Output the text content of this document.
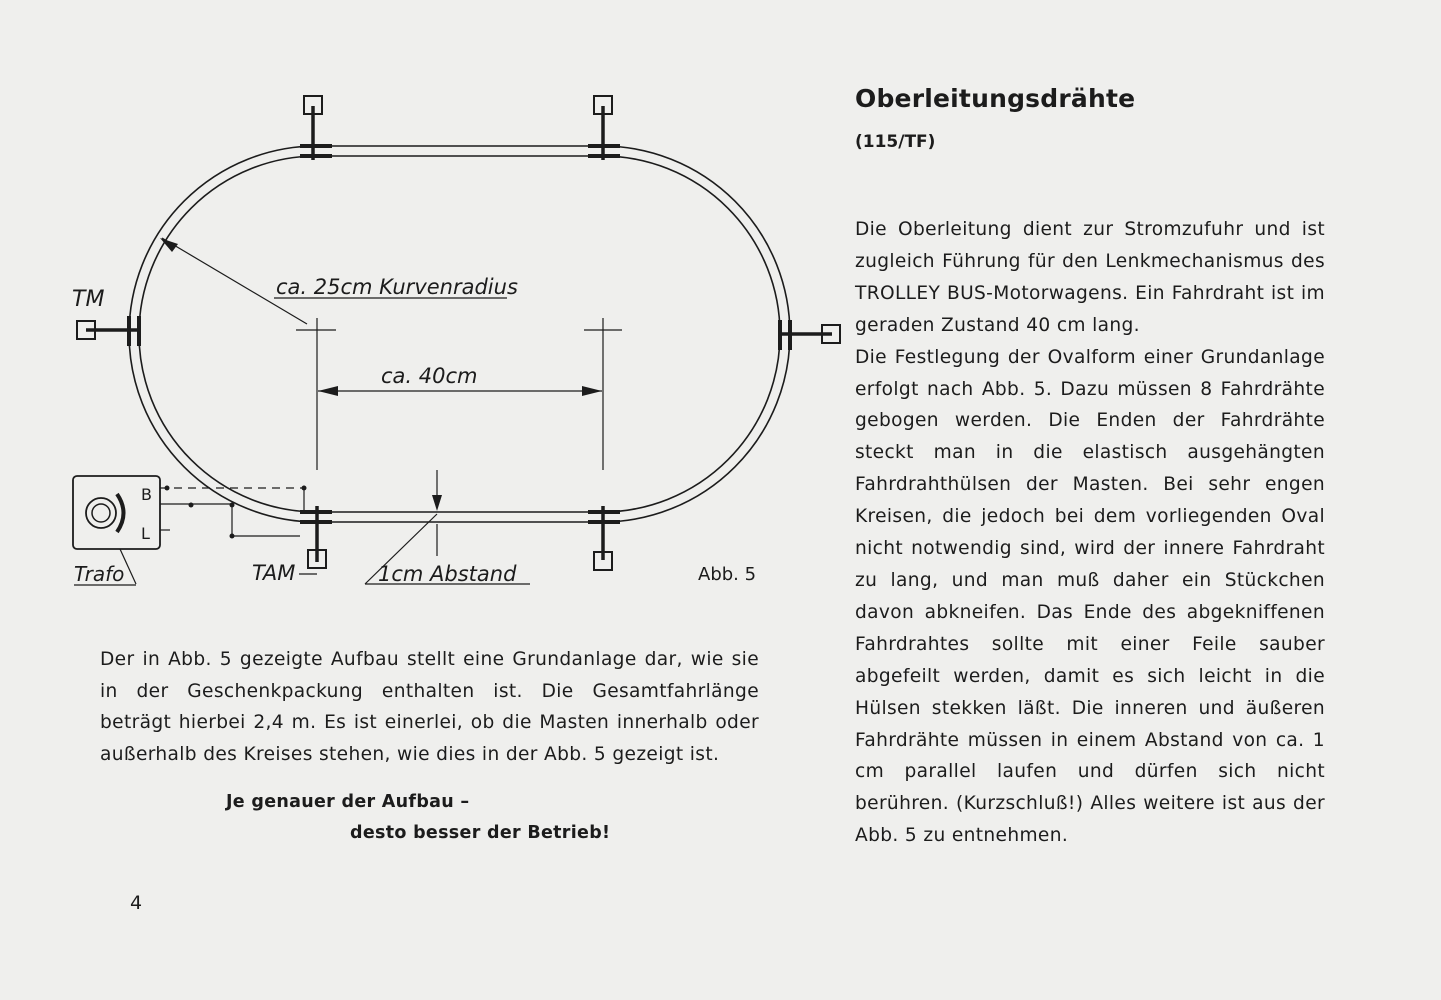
ca. 25cm Kurvenradius
ca. 40cm
1cm Abstand
TM
TAM
Trafo
B
L
Abb. 5
Oberleitungsdrähte
(115/TF)

Die Oberleitung dient zur Stromzufuhr und ist zugleich Führung für den Lenkmechanismus des TROLLEY BUS-Motorwagens. Ein Fahrdraht ist im geraden Zustand 40 cm lang.

Die Festlegung der Ovalform einer Grundanlage erfolgt nach Abb. 5. Dazu müssen 8 Fahrdrähte gebogen werden. Die Enden der Fahrdrähte steckt man in die elastisch ausgehängten Fahrdrahthülsen der Masten. Bei sehr engen Kreisen, die jedoch bei dem vorliegenden Oval nicht notwendig sind, wird der innere Fahrdraht zu lang, und man muß daher ein Stückchen davon abkneifen. Das Ende des abgekniffenen Fahrdrahtes sollte mit einer Feile sauber abgefeilt werden, damit es sich leicht in die Hülsen stekken läßt. Die inneren und äußeren Fahrdrähte müssen in einem Abstand von ca. 1 cm parallel laufen und dürfen sich nicht berühren. (Kurzschluß!) Alles weitere ist aus der Abb. 5 zu entnehmen.

Der in Abb. 5 gezeigte Aufbau stellt eine Grundanlage dar, wie sie in der Geschenkpackung enthalten ist. Die Gesamtfahrlänge beträgt hierbei 2,4 m. Es ist einerlei, ob die Masten innerhalb oder außerhalb des Kreises stehen, wie dies in der Abb. 5 gezeigt ist.

Je genauer der Aufbau –
desto besser der Betrieb!
4
